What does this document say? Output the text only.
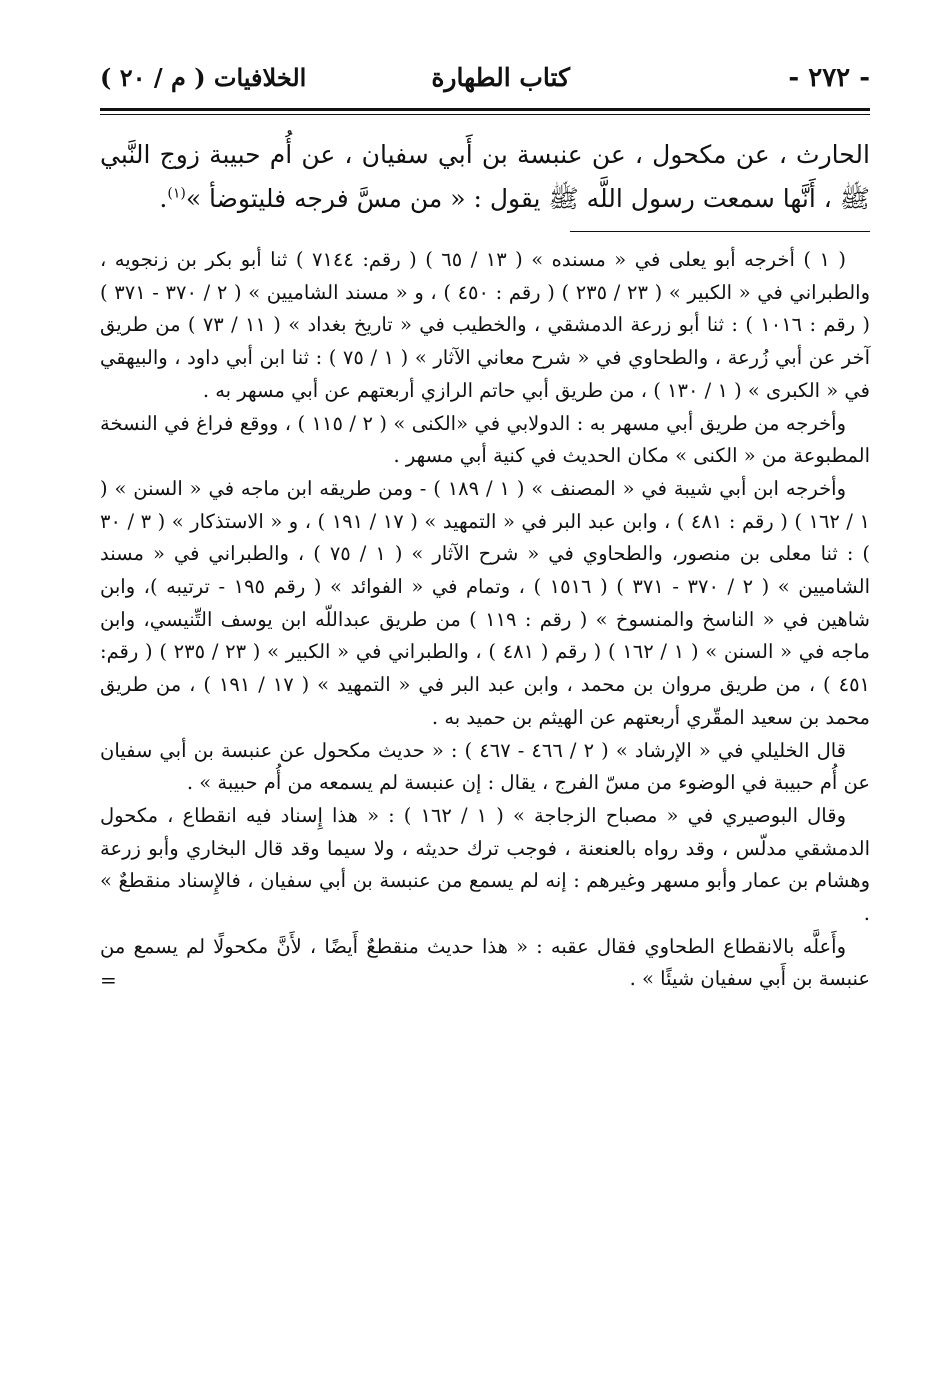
- ٢٧٢ -
كتاب الطهارة
الخلافيات ( م / ٢٠ )

الحارث ، عن مكحول ، عن عنبسة بن أَبي سفيان ، عن أُم حبيبة زوج النَّبي ﷺ ، أَنَّها سمعت رسول اللَّه ﷺ يقول : « من مسَّ فرجه فليتوضأ »$^{(١)}$.

( ١ ) أخرجه أبو يعلى في « مسنده » ( ١٣ / ٦٥ ) ( رقم: ٧١٤٤ ) ثنا أبو بكر بن زنجويه ، والطبراني في « الكبير » ( ٢٣ / ٢٣٥ ) ( رقم : ٤٥٠ ) ، و « مسند الشاميين » ( ٢ / ٣٧٠ - ٣٧١ ) ( رقم : ١٠١٦ ) : ثنا أبو زرعة الدمشقي ، والخطيب في « تاريخ بغداد » ( ١١ / ٧٣ ) من طريق آخر عن أبي زُرعة ، والطحاوي في « شرح معاني الآثار » ( ١ / ٧٥ ) : ثنا ابن أبي داود ، والبيهقي في « الكبرى » ( ١ / ١٣٠ ) ، من طريق أبي حاتم الرازي أربعتهم عن أبي مسهر به .

وأخرجه من طريق أبي مسهر به : الدولابي في «الكنى » ( ٢ / ١١٥ ) ، ووقع فراغ في النسخة المطبوعة من « الكنى » مكان الحديث في كنية أبي مسهر .

وأخرجه ابن أبي شيبة في « المصنف » ( ١ / ١٨٩ ) - ومن طريقه ابن ماجه في « السنن » ( ١ / ١٦٢ ) ( رقم : ٤٨١ ) ، وابن عبد البر في « التمهيد » ( ١٧ / ١٩١ ) ، و « الاستذكار » ( ٣ / ٣٠ ) : ثنا معلى بن منصور، والطحاوي في « شرح الآثار » ( ١ / ٧٥ ) ، والطبراني في « مسند الشاميين » ( ٢ / ٣٧٠ - ٣٧١ ) ( ١٥١٦ ) ، وتمام في « الفوائد » ( رقم ١٩٥ - ترتيبه )، وابن شاهين في « الناسخ والمنسوخ » ( رقم : ١١٩ ) من طريق عبداللّه ابن يوسف التِّنيسي، وابن ماجه في « السنن » ( ١ / ١٦٢ ) ( رقم ( ٤٨١ ) ، والطبراني في « الكبير » ( ٢٣ / ٢٣٥ ) ( رقم: ٤٥١ ) ، من طريق مروان بن محمد ، وابن عبد البر في « التمهيد » ( ١٧ / ١٩١ ) ، من طريق محمد بن سعيد المقّري أربعتهم عن الهيثم بن حميد به .

قال الخليلي في « الإرشاد » ( ٢ / ٤٦٦ - ٤٦٧ ) : « حديث مكحول عن عنبسة بن أبي سفيان عن أُم حبيبة في الوضوء من مسّ الفرج ، يقال : إن عنبسة لم يسمعه من أُم حبيبة » .

وقال البوصيري في « مصباح الزجاجة » ( ١ / ١٦٢ ) : « هذا إِسناد فيه انقطاع ، مكحول الدمشقي مدلّس ، وقد رواه بالعنعنة ، فوجب ترك حديثه ، ولا سيما وقد قال البخاري وأبو زرعة وهشام بن عمار وأبو مسهر وغيرهم : إنه لم يسمع من عنبسة بن أبي سفيان ، فالإِسناد منقطعٌ » .

وأَعلَّه بالانقطاع الطحاوي فقال عقبه : « هذا حديث منقطعٌ أَيضًا ، لأَنَّ مكحولًا لم يسمع من عنبسة بن أَبي سفيان شيئًا » .

=
